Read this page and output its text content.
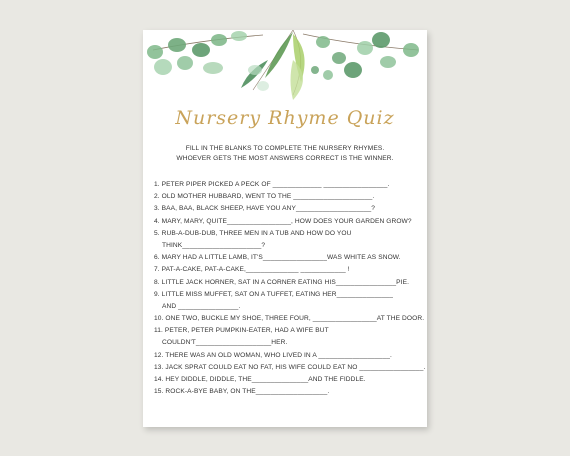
Nursery Rhyme Quiz
FILL IN THE BLANKS TO COMPLETE THE NURSERY RHYMES.
WHOEVER GETS THE MOST ANSWERS CORRECT IS THE WINNER.
1. PETER PIPER PICKED A PECK OF _____________ _________________.
2. OLD MOTHER HUBBARD, WENT TO THE _____________________.
3. BAA, BAA, BLACK SHEEP, HAVE YOU ANY____________________?
4. MARY, MARY, QUITE_________________, HOW DOES YOUR GARDEN GROW?
5. RUB-A-DUB-DUB, THREE MEN IN A TUB AND HOW DO YOU
THINK_____________________?
6. MARY HAD A LITTLE LAMB, IT'S_________________WAS WHITE AS SNOW.
7. PAT-A-CAKE, PAT-A-CAKE,______________ ____________ !
8. LITTLE JACK HORNER, SAT IN A CORNER EATING HIS________________PIE.
9. LITTLE MISS MUFFET, SAT ON A TUFFET, EATING HER_______________
AND ________________.
10. ONE TWO, BUCKLE MY SHOE, THREE FOUR, _________________AT THE DOOR.
11. PETER, PETER PUMPKIN-EATER, HAD A WIFE BUT
COULDN'T____________________HER.
12. THERE WAS AN OLD WOMAN, WHO LIVED IN A ___________________.
13. JACK SPRAT COULD EAT NO FAT, HIS WIFE COULD EAT NO _________________.
14. HEY DIDDLE, DIDDLE, THE_______________AND THE FIDDLE.
15. ROCK-A-BYE BABY, ON THE___________________.
